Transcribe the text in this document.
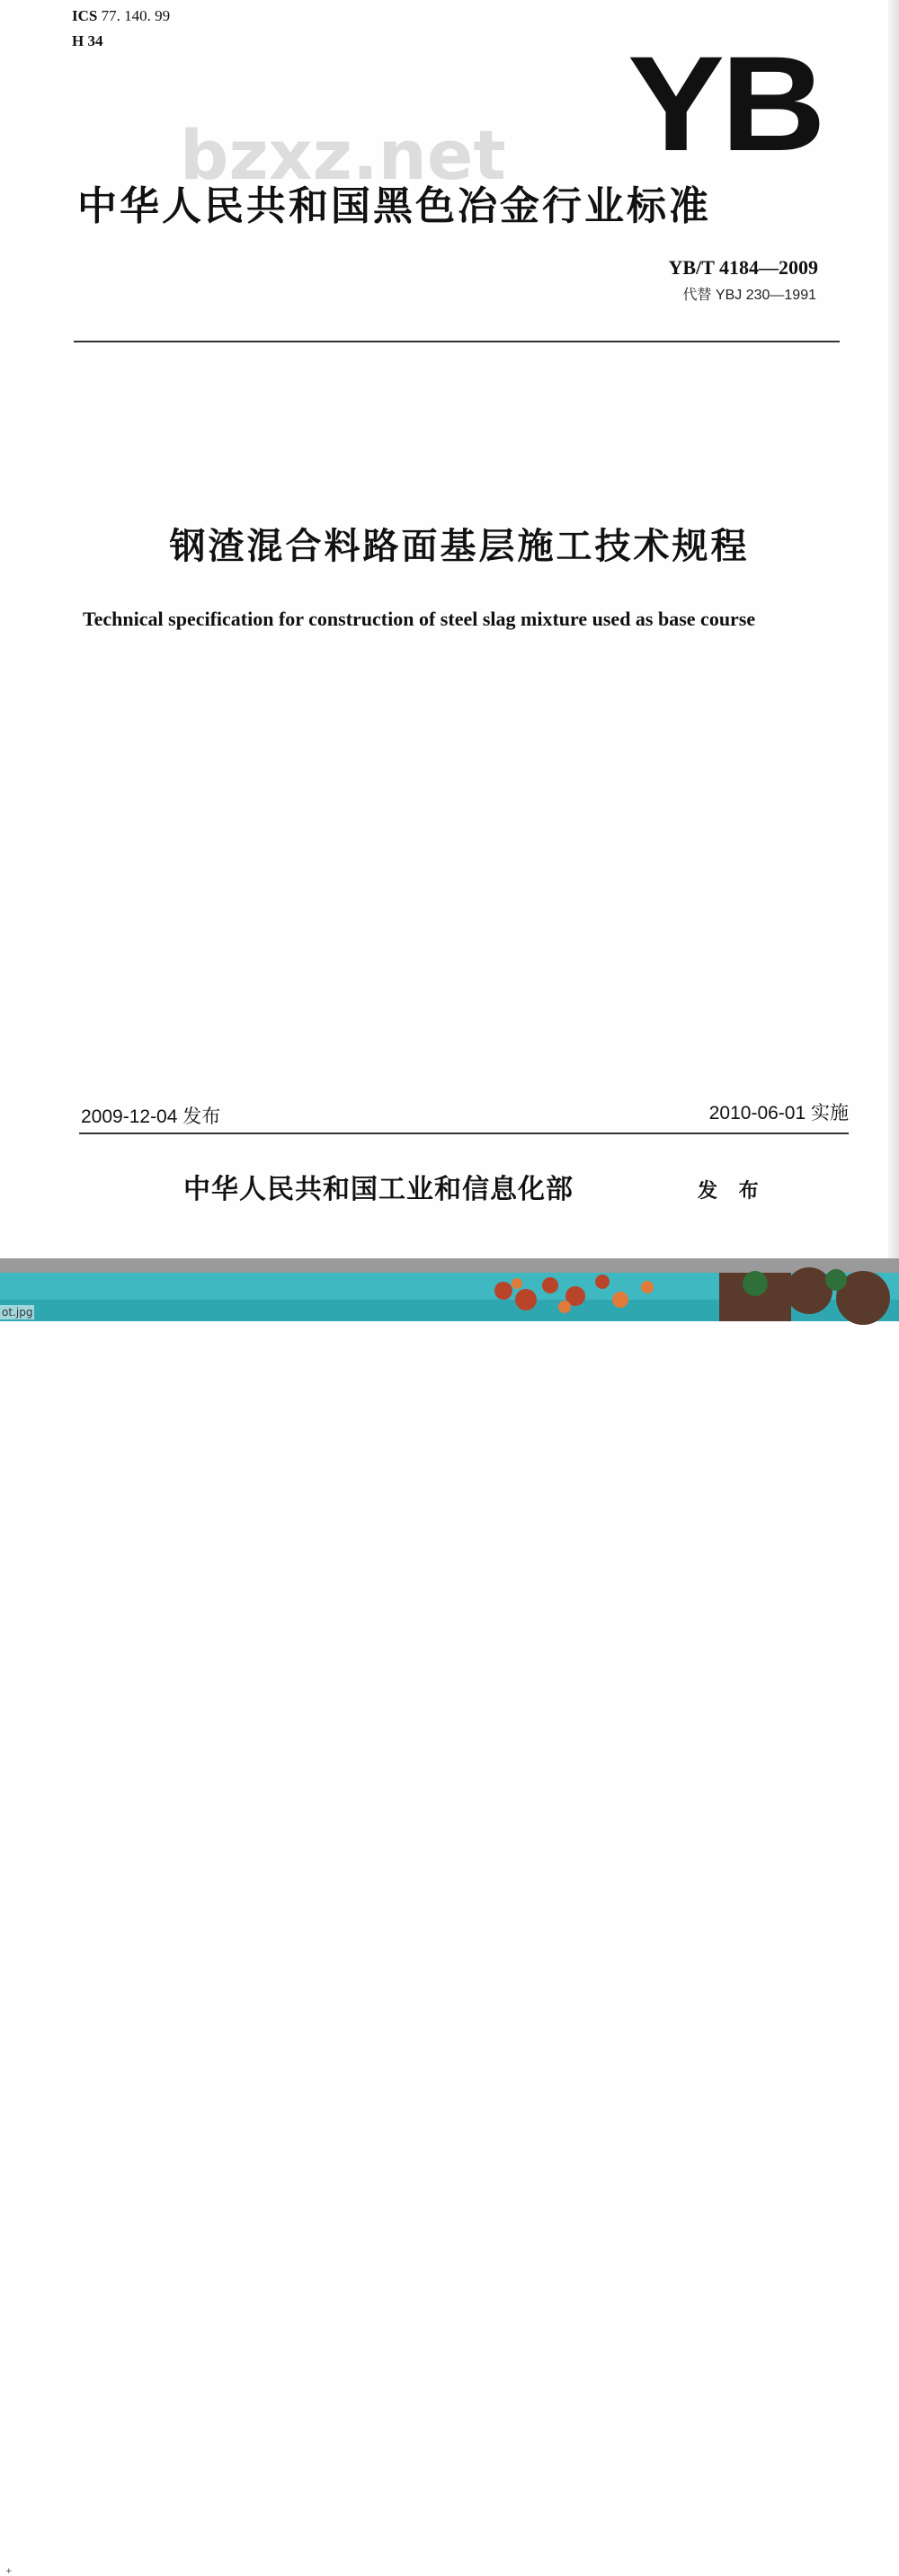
ICS 77. 140. 99
H 34	YB
bzxz.net
中华人民共和国黑色冶金行业标准
YB/T 4184—2009
代替 YBJ 230—1991
钢渣混合料路面基层施工技术规程
Technical specification for construction of steel slag mixture used as base course
2009-12-04 发布	2010-06-01 实施
中华人民共和国工业和信息化部	发 布
+
ot.jpg
